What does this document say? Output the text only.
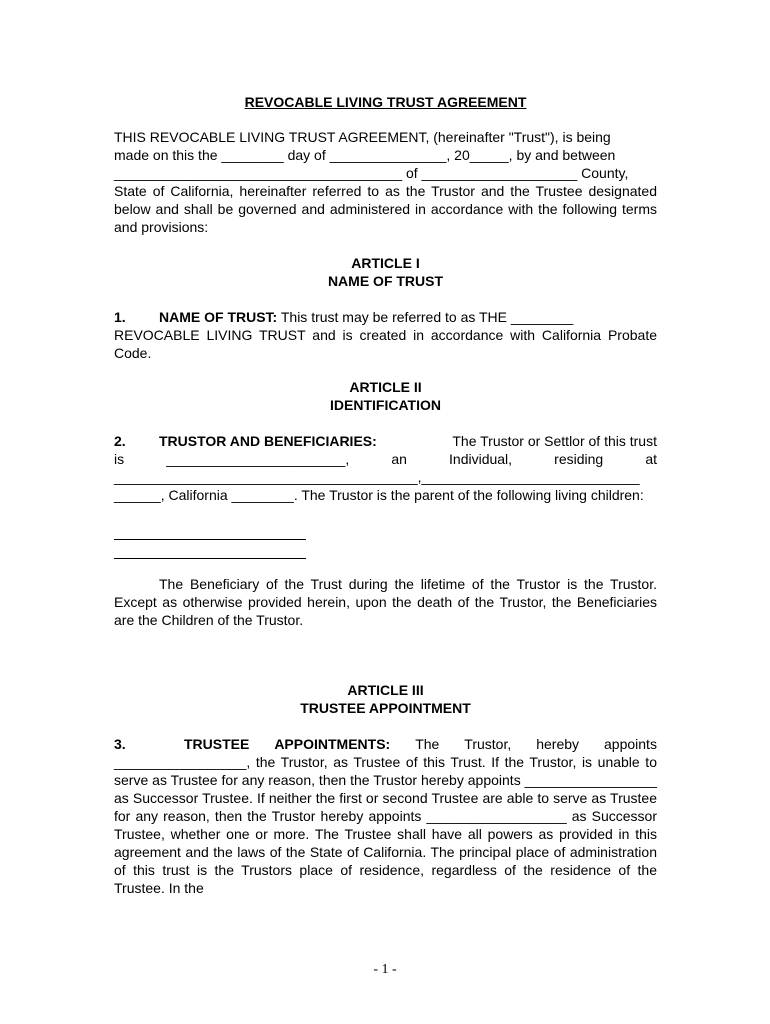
REVOCABLE LIVING TRUST AGREEMENT

THIS REVOCABLE LIVING TRUST AGREEMENT, (hereinafter "Trust"), is being
made on this the ________ day of _______________, 20_____, by and between
_____________________________________ of ____________________ County,
State of California, hereinafter referred to as the Trustor and the Trustee designated below and shall be governed and administered in accordance with the following terms and provisions:

ARTICLE I

NAME OF TRUST

1. NAME OF TRUST: This trust may be referred to as THE ________
REVOCABLE LIVING TRUST and is created in accordance with California Probate Code.

ARTICLE II

IDENTIFICATION

2. TRUSTOR AND BENEFICIARIES:	The Trustor or Settlor of this trust
is	_______________________,	an	Individual,	residing	at

_______________________________________,____________________________
______, California ________. The Trustor is the parent of the following living children:

The Beneficiary of the Trust during the lifetime of the Trustor is the Trustor. Except as otherwise provided herein, upon the death of the Trustor, the Beneficiaries are the Children of the Trustor.

ARTICLE III

TRUSTEE APPOINTMENT

3.	TRUSTEE APPOINTMENTS: The Trustor, hereby appoints

_________________, the Trustor, as Trustee of this Trust. If the Trustor, is unable to serve as Trustee for any reason, then the Trustor hereby appoints _________________ as Successor Trustee. If neither the first or second Trustee are able to serve as Trustee for any reason, then the Trustor hereby appoints __________________ as Successor Trustee, whether one or more. The Trustee shall have all powers as provided in this agreement and the laws of the State of California. The principal place of administration of this trust is the Trustors place of residence, regardless of the residence of the Trustee. In the

- 1 -
